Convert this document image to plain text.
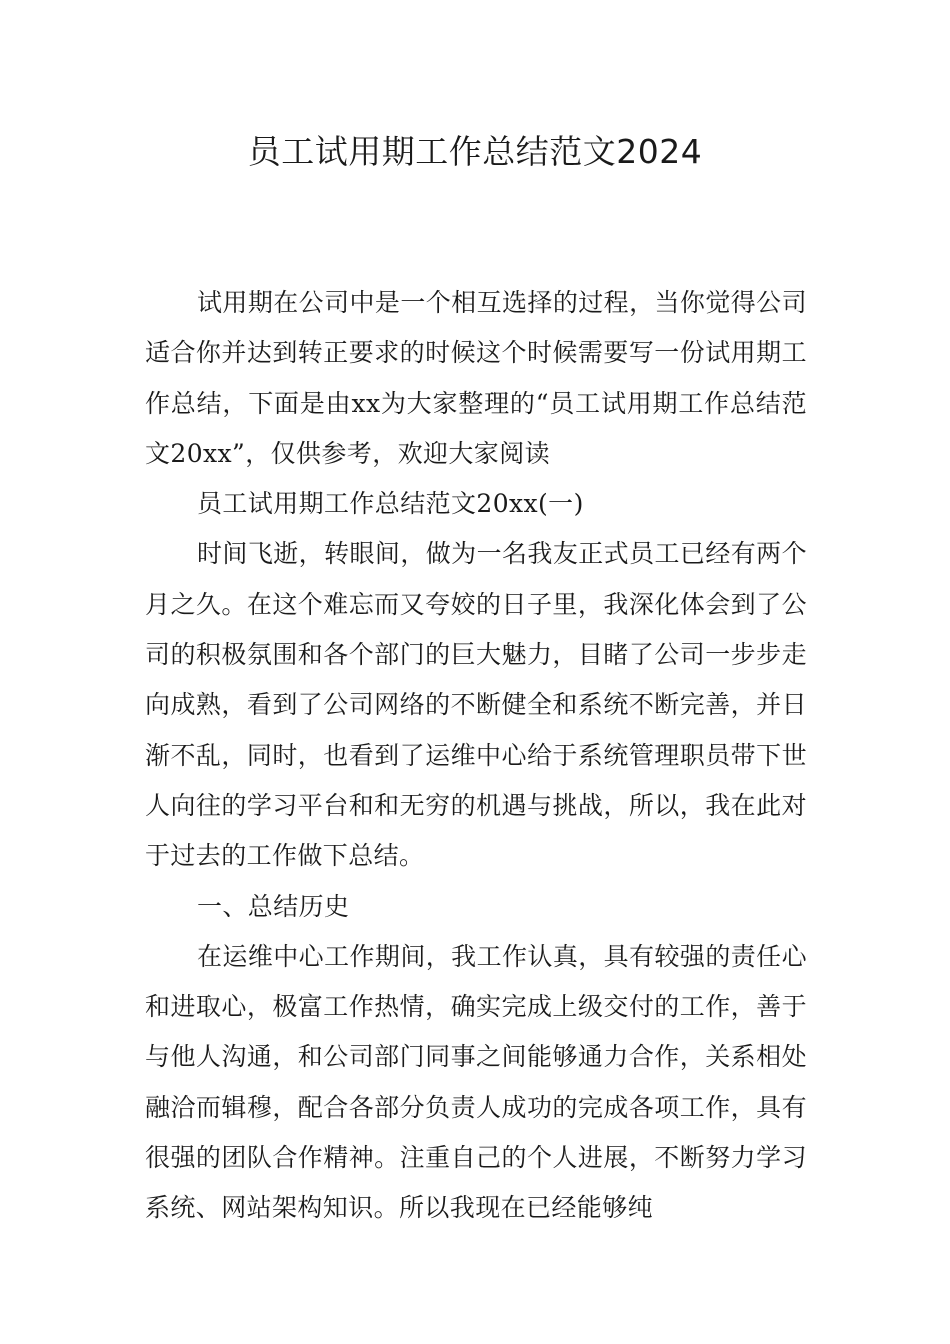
员工试用期工作总结范文2024

试用期在公司中是一个相互选择的过程，当你觉得公司适合你并达到转正要求的时候这个时候需要写一份试用期工作总结，下面是由xx为大家整理的“员工试用期工作总结范文20xx”，仅供参考，欢迎大家阅读

员工试用期工作总结范文20xx(一)

时间飞逝，转眼间，做为一名我友正式员工已经有两个月之久。在这个难忘而又夸姣的日子里，我深化体会到了公司的积极氛围和各个部门的巨大魅力，目睹了公司一步步走向成熟，看到了公司网络的不断健全和系统不断完善，并日渐不乱，同时，也看到了运维中心给于系统管理职员带下世人向往的学习平台和和无穷的机遇与挑战，所以，我在此对于过去的工作做下总结。

一、总结历史

在运维中心工作期间，我工作认真，具有较强的责任心和进取心，极富工作热情，确实完成上级交付的工作，善于与他人沟通，和公司部门同事之间能够通力合作，关系相处融洽而辑穆，配合各部分负责人成功的完成各项工作，具有很强的团队合作精神。注重自己的个人进展，不断努力学习系统、网站架构知识。所以我现在已经能够纯
